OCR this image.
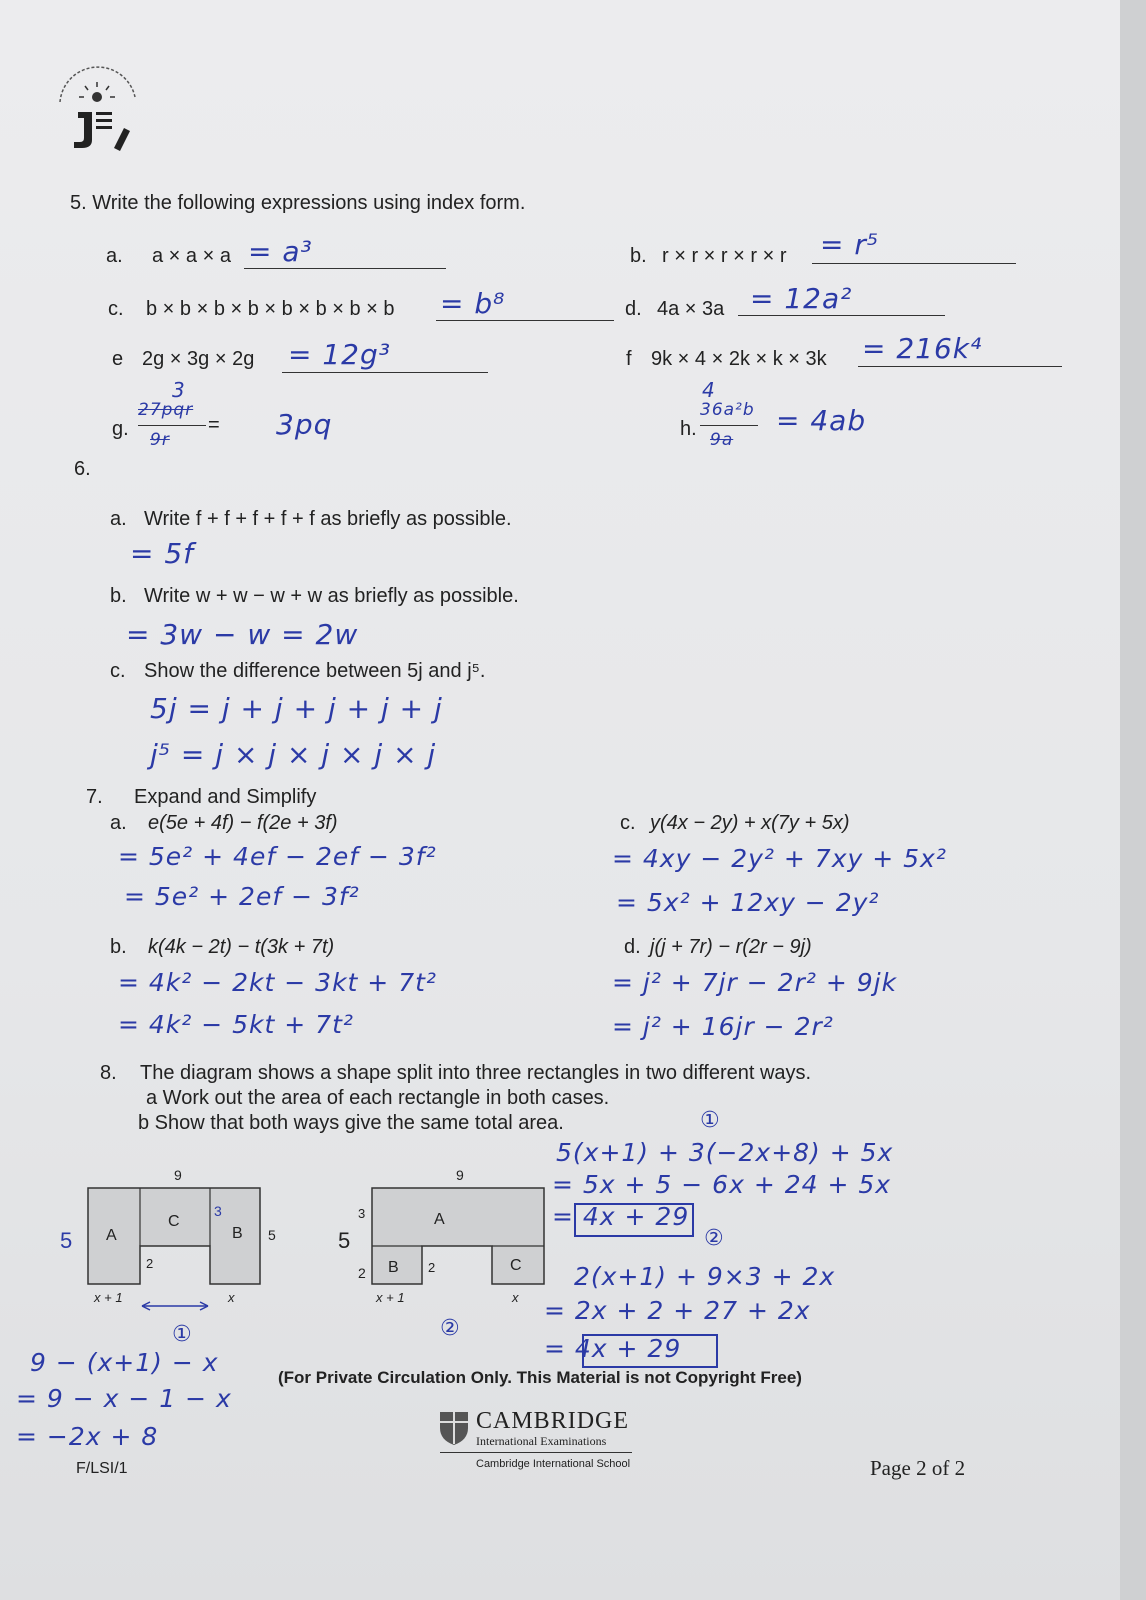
5. Write the following expressions using index form.
a. a × a × a = a³	b. r × r × r × r × r = r⁵
c. b × b × b × b × b × b × b × b = b⁸	d. 4a × 3a = 12a²
e 2g × 3g × 2g = 12g³	f 9k × 4 × 2k × k × 3k = 216k⁴
g.
3
27pqr
=
9r	3pq	h.
4
36a²b
9a
= 4ab
6.
a. Write f + f + f + f + f as briefly as possible.
= 5f
b. Write w + w − w + w as briefly as possible.
= 3w − w = 2w
c. Show the difference between 5j and j⁵.
5j = j + j + j + j + j
j⁵ = j × j × j × j × j
7. Expand and Simplify
a. e(5e + 4f) − f(2e + 3f)
= 5e² + 4ef − 2ef − 3f²
= 5e² + 2ef − 3f²
c. y(4x − 2y) + x(7y + 5x)
= 4xy − 2y² + 7xy + 5x²
= 5x² + 12xy − 2y²
b. k(4k − 2t) − t(3k + 7t)
= 4k² − 2kt − 3kt + 7t²
= 4k² − 5kt + 7t²
d. j(j + 7r) − r(2r − 9j)
= j² + 7jr − 2r² + 9jk
= j² + 16jr − 2r²
8. The diagram shows a shape split into three rectangles in two different ways.
a Work out the area of each rectangle in both cases.
b Show that both ways give the same total area.
9
5 A
C
3
B 5
2
x + 1	x
9
5
3
2
A
B 2	C
x + 1	x
①
5(x+1) + 3(−2x+8) + 5x
= 5x + 5 − 6x + 24 + 5x
= 4x + 29
②
2(x+1) + 9×3 + 2x
= 2x + 2 + 27 + 2x
= 4x + 29
①
9 − (x+1) − x
= 9 − x − 1 − x
= −2x + 8
②
(For Private Circulation Only. This Material is not Copyright Free)
CAMBRIDGE
International Examinations
Cambridge International School
F/LSI/1	Page 2 of 2
